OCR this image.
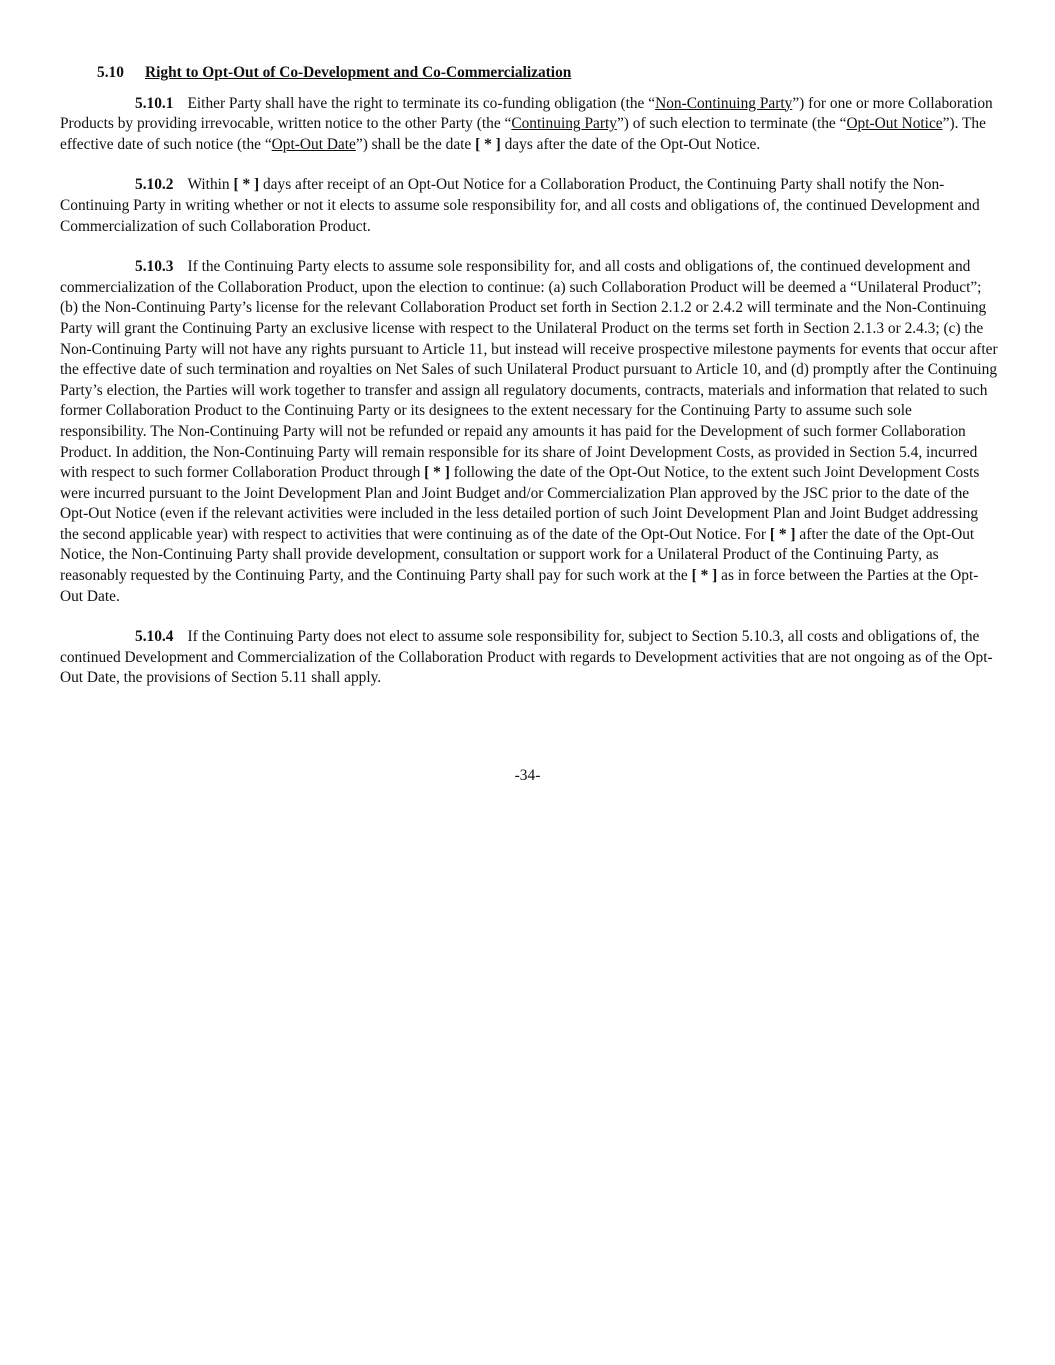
5.10 Right to Opt-Out of Co-Development and Co-Commercialization

5.10.1 Either Party shall have the right to terminate its co-funding obligation (the “Non-Continuing Party”) for one or more Collaboration Products by providing irrevocable, written notice to the other Party (the “Continuing Party”) of such election to terminate (the “Opt-Out Notice”). The effective date of such notice (the “Opt-Out Date”) shall be the date [ * ] days after the date of the Opt-Out Notice.

5.10.2 Within [ * ] days after receipt of an Opt-Out Notice for a Collaboration Product, the Continuing Party shall notify the Non-Continuing Party in writing whether or not it elects to assume sole responsibility for, and all costs and obligations of, the continued Development and Commercialization of such Collaboration Product.

5.10.3 If the Continuing Party elects to assume sole responsibility for, and all costs and obligations of, the continued development and commercialization of the Collaboration Product, upon the election to continue: (a) such Collaboration Product will be deemed a “Unilateral Product”; (b) the Non-Continuing Party’s license for the relevant Collaboration Product set forth in Section 2.1.2 or 2.4.2 will terminate and the Non-Continuing Party will grant the Continuing Party an exclusive license with respect to the Unilateral Product on the terms set forth in Section 2.1.3 or 2.4.3; (c) the Non-Continuing Party will not have any rights pursuant to Article 11, but instead will receive prospective milestone payments for events that occur after the effective date of such termination and royalties on Net Sales of such Unilateral Product pursuant to Article 10, and (d) promptly after the Continuing Party’s election, the Parties will work together to transfer and assign all regulatory documents, contracts, materials and information that related to such former Collaboration Product to the Continuing Party or its designees to the extent necessary for the Continuing Party to assume such sole responsibility. The Non-Continuing Party will not be refunded or repaid any amounts it has paid for the Development of such former Collaboration Product. In addition, the Non-Continuing Party will remain responsible for its share of Joint Development Costs, as provided in Section 5.4, incurred with respect to such former Collaboration Product through [ * ] following the date of the Opt-Out Notice, to the extent such Joint Development Costs were incurred pursuant to the Joint Development Plan and Joint Budget and/or Commercialization Plan approved by the JSC prior to the date of the Opt-Out Notice (even if the relevant activities were included in the less detailed portion of such Joint Development Plan and Joint Budget addressing the second applicable year) with respect to activities that were continuing as of the date of the Opt-Out Notice. For [ * ] after the date of the Opt-Out Notice, the Non-Continuing Party shall provide development, consultation or support work for a Unilateral Product of the Continuing Party, as reasonably requested by the Continuing Party, and the Continuing Party shall pay for such work at the [ * ] as in force between the Parties at the Opt-Out Date.

5.10.4 If the Continuing Party does not elect to assume sole responsibility for, subject to Section 5.10.3, all costs and obligations of, the continued Development and Commercialization of the Collaboration Product with regards to Development activities that are not ongoing as of the Opt-Out Date, the provisions of Section 5.11 shall apply.

-34-
